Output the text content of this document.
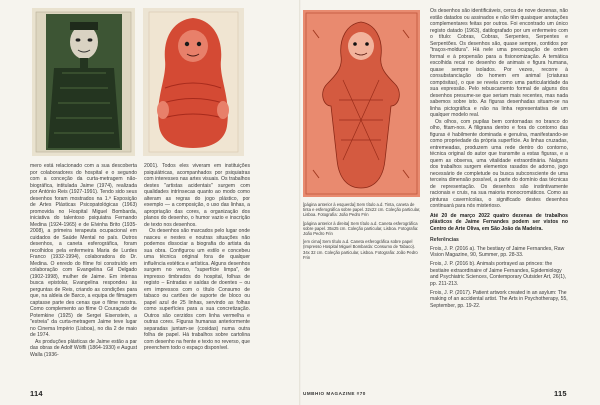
mero está relacionado com a sua descoberta por colaboradores do hospital e o segundo com a conceção da curta-metragem não-biográfica, intitulada Jaime (1974), realizada por António Reis (1927-1991). Tendo sido seus desenhos foram mostrados na 1.ª Exposição de Artes Plásticas Psicopatológicas (1963) promovida no Hospital Miguel Bombarda, iniciativa do talentoso psiquiatra Fernando Medina (1924-1965) e de Elvinha Brito (1935-2008), a primeira terapeuta ocupacional em cuidados de Saúde Mental no país. Outros desenhos, a caneta esferográfica, foram recolhidos pela enfermeira Maria de Lurdes Franco (1932-1994), colaboradora do Dr. Medina. O enredo do filme foi construído em colaboração com Evangelina Gil Delgado (1902-1998), mulher de Jaime. Em intensa busca epistolar, Evangelina respondeu às perguntas de Reis, criando as condições para que, na aldeia de Barco, a equipa de filmagem captasse parte des cenas que o filme mostra. Como complemento ao filme O Couraçado de Potemkine (1925) de Sergei Eisenstein, a "estreia" da curta-metragem Jaime teve lugar no Cinema Império (Lisboa), no dia 2 de maio de 1974.

As produções plásticas de Jaime estão a par das obras de Adolf Wölfli (1864-1930) e August Walla (1936-

2001). Todos eles viveram em instituições psiquiátricas, acompanhados por psiquiatras com interesses nas artes visuais. Os trabalhos destes "artistas acidentais" surgem com qualidades intrínsecas quanto ao modo como alteram as regras do jogo plástico, por exemplo — a composição, o uso das linhas, a apropriação das cores, a organização dos planos do desenho, o humor vazio e inscrição de texto nos desenhos.

Os desenhos são marcados pelo lugar onde nasceu e nestes e noutras situações não podemos dissociar a biografia do artista da sua obra. Configurou um estilo e concebeu uma técnica original fora de qualquer influência estética e artística. Alguns desenhos surgem no verso, "superfície limpa", de impresso timbrados do hospital, folhas de registo – Entradas e saídas de doentes – ou em impressos com o título Consumo de tabaco ou cartões de suporte de bloco ou papel azul de 25 linhas, servindo as folhas como superfícies para a sua concretização. Outros são cerzidos com linha vermelha e outras cores. Figuras humanas anteriormente separadas juntam-se (cosidas) numa outra folha de papel. Há trabalhos sobre cartolina com desenho na frente e texto no reverso, que preenchem todo o espaço disponível.

[página anterior à esquerda] Sem título a.d. Tinta, caneta de tinta e esferográfica sobre papel. 32x22 cm. Coleção particular, Lisboa. Fotografia: João Pedro Frin

[página anterior à direita] Sem título a.d. Caneta esferográfica sobre papel. 35x25 cm. Coleção particular, Lisboa. Fotografia: João Pedro Frin

[em cima] Sem título a.d. Caneta esferográfica sobre papel (Impresso Hospital Miguel Bombarda: Consumo de Tabaco). 34x 32 cm. Coleção particular, Lisboa. Fotografia: João Pedro Frin

Os desenhos são identificáveis, cerca de nove dezenas, não estão datados ou assinados e não têm quaisquer anotações complementares feitas por outros. Foi encontrado um único registo datado (1963), datilografado por um enfermeiro com o título: Cobras, Cobras, Serpentes, Serpentes e Serpentões. Os desenhos são, quase sempre, contidos por "traços-moldura". Há nele uma preocupação de ordem formal e à propensão para a fisionomização. A temática escolhida recai no desenho de animais e figura humana, quase sempre isolados. Por vezes, recorre à consubstanciação do homem em animal (criaturas compósitas), o que se revela como uma particularidade da sua expressão. Pelo rebuscamento formal de alguns dos desenhos presume-se que seriam mais recentes, mas nada sabemos sobre isto. As figuras desenhadas situam-se na linha pictográfica e não na linha representativa de um qualquer modelo real.

Os olhos, com pupilas bem contornadas no branco do olho, fitam-nos. A filigrana dentro e fora do contorno das figuras é habilmente dominada e genuína, manifestando-se como propriedade da própria superfície. As linhas cruzadas, entremeadas, produzem uma rede dentro do contorno, técnica original do autor que transmite a estas figuras, e a quem as observa, uma vitalidade extraordinária. Nalguns dos trabalhos surgem elementos rasados de adorno, jogo necessário de completude ou busca subconsciente de uma terceira dimensão possível, a parte do domínio das técnicas de representação. Os desenhos são instintivamente racionais e cruis, na sua maioria monocromáticos. Como as pinturas cavernícolas, o significado destes desenhos continuará para nós misterioso.

Até 20 de março 2022 quatro dezenas de trabalhos plásticos de Jaime Fernandes podem ser vistos no Centro de Arte Oliva, em São João da Madeira.

Referências

Frois, J. P. (2016 a). The bestiary of Jaime Fernandes, Raw Vision Magazine, 90, Summer, pp. 28-33.

Frois, J. P. (2016 b). Animals portrayed as princes: the bestiaire extraordinaire of Jaime Fernandes, Epidemiology and Psychiatric Sciences, Contemporary Outsider Art, 26(1), pp. 211-213.

Frois, J. P. (2017). Patient artwork created in an asylum: The making of an accidental artist. The Arts in Psychotherapy, 55, September, pp. 19-22.

114	UMBHIO MAGAZINE #70	115
